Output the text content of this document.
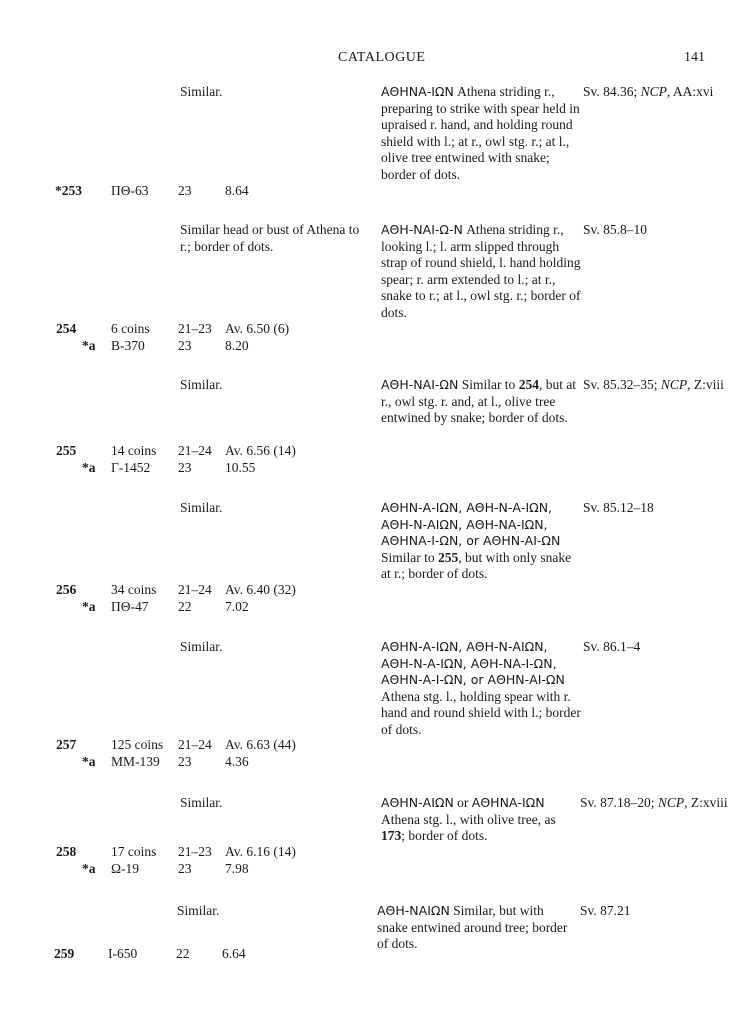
CATALOGUE	141
Similar.	ΑΘΗΝΑ-ΙΩΝ Athena striding r., preparing to strike with spear held in upraised r. hand, and holding round shield with l.; at r., owl stg. r.; at l., olive tree entwined with snake; border of dots.
Sv. 84.36; NCP, AA:xvi
*253 ΠΘ-63 23 8.64
Similar head or bust of Athena to r.; border of dots.
ΑΘΗ-ΝΑΙ-Ω-Ν Athena striding r., looking l.; l. arm slipped through strap of round shield, l. hand holding spear; r. arm extended to l.; at r., snake to r.; at l., owl stg. r.; border of dots.
Sv. 85.8–10
254	6 coins 21–23 Av. 6.50 (6)
*a B-370 23 8.20
Similar.	ΑΘΗ-ΝΑΙ-ΩΝ Similar to 254, but at r., owl stg. r. and, at l., olive tree entwined by snake; border of dots.
Sv. 85.32–35; NCP, Z:viii
255	14 coins 21–24 Av. 6.56 (14)
*a Γ-1452 23 10.55
Similar.	ΑΘΗΝ-Α-ΙΩΝ, ΑΘΗ-Ν-Α-ΙΩΝ, ΑΘΗ-Ν-ΑΙΩΝ, ΑΘΗ-ΝΑ-ΙΩΝ, ΑΘΗΝΑ-Ι-ΩΝ, or ΑΘΗΝ-ΑΙ-ΩΝ Similar to 255, but with only snake at r.; border of dots.
Sv. 85.12–18
256	34 coins 21–24 Av. 6.40 (32)
*a ΠΘ-47 22 7.02
Similar.	ΑΘΗΝ-Α-ΙΩΝ, ΑΘΗ-Ν-ΑΙΩΝ, ΑΘΗ-Ν-Α-ΙΩΝ, ΑΘΗ-ΝΑ-Ι-ΩΝ, ΑΘΗΝ-Α-Ι-ΩΝ, or ΑΘΗΝ-ΑΙ-ΩΝ Athena stg. l., holding spear with r. hand and round shield with l.; border of dots.
Sv. 86.1–4
257	125 coins 21–24 Av. 6.63 (44)
*a MM-139 23 4.36
Similar.	ΑΘΗΝ-ΑΙΩΝ or ΑΘΗΝΑ-ΙΩΝ Athena stg. l., with olive tree, as 173; border of dots.
Sv. 87.18–20; NCP, Z:xviii
258	17 coins 21–23 Av. 6.16 (14)
*a Ω-19	23 7.98
Similar.	ΑΘΗ-ΝΑΙΩΝ Similar, but with snake entwined around tree; border of dots.
Sv. 87.21
259	Ι-650	22 6.64
